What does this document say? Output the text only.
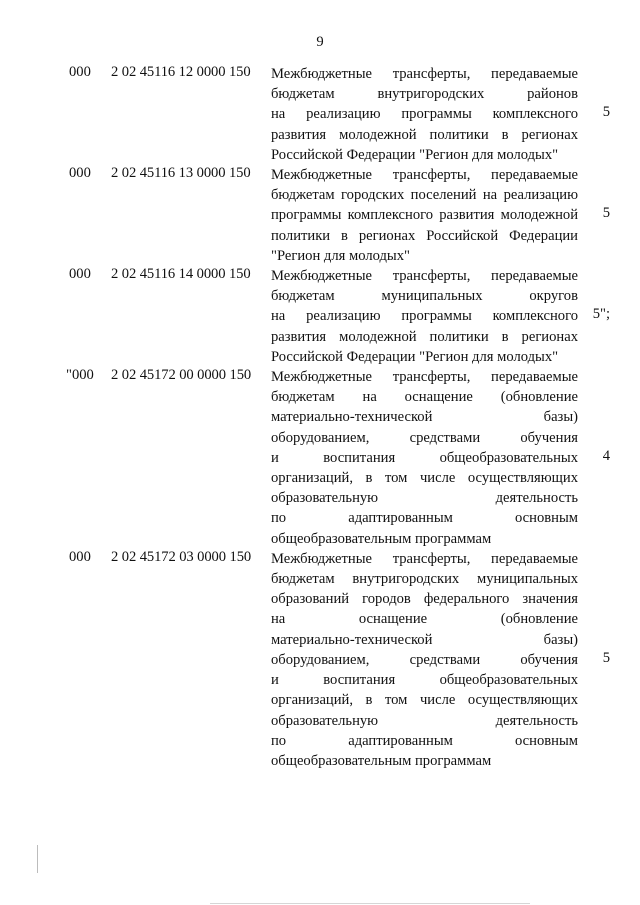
9
000 2 02 45116 12 0000 150 Межбюджетные трансферты, передаваемые
бюджетам внутригородских районов
на реализацию программы комплексного
развития молодежной политики в регионах
Российской Федерации "Регион для молодых"
5
000 2 02 45116 13 0000 150 Межбюджетные трансферты, передаваемые
бюджетам городских поселений на реализацию
программы комплексного развития молодежной
политики в регионах Российской Федерации
"Регион для молодых"
5
000 2 02 45116 14 0000 150 Межбюджетные трансферты, передаваемые
бюджетам муниципальных округов
на реализацию программы комплексного
развития молодежной политики в регионах
Российской Федерации "Регион для молодых"
5";
"000 2 02 45172 00 0000 150 Межбюджетные трансферты, передаваемые
бюджетам на оснащение (обновление
материально-технической базы)
оборудованием, средствами обучения
и воспитания общеобразовательных
организаций, в том числе осуществляющих
образовательную деятельность
по адаптированным основным
общеобразовательным программам
4
000 2 02 45172 03 0000 150 Межбюджетные трансферты, передаваемые
бюджетам внутригородских муниципальных
образований городов федерального значения
на оснащение (обновление
материально-технической базы)
оборудованием, средствами обучения
и воспитания общеобразовательных
организаций, в том числе осуществляющих
образовательную деятельность
по адаптированным основным
общеобразовательным программам
5
